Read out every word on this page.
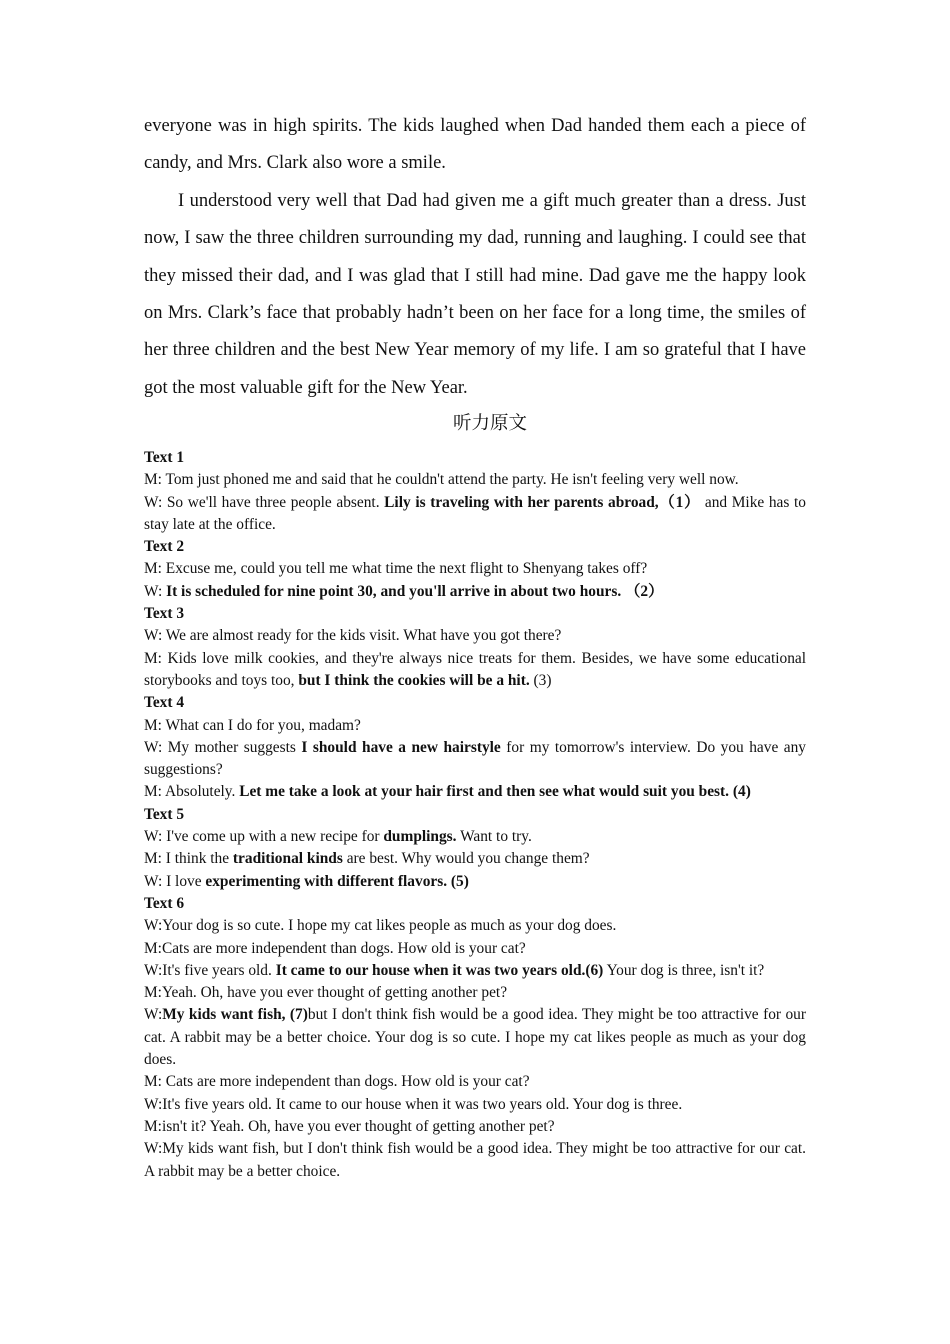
everyone was in high spirits. The kids laughed when Dad handed them each a piece of candy, and Mrs. Clark also wore a smile.

I understood very well that Dad had given me a gift much greater than a dress. Just now, I saw the three children surrounding my dad, running and laughing. I could see that they missed their dad, and I was glad that I still had mine. Dad gave me the happy look on Mrs. Clark’s face that probably hadn’t been on her face for a long time, the smiles of her three children and the best New Year memory of my life. I am so grateful that I have got the most valuable gift for the New Year.

听力原文

Text 1

M: Tom just phoned me and said that he couldn't attend the party. He isn't feeling very well now.

W: So we'll have three people absent. Lily is traveling with her parents abroad,（1） and Mike has to stay late at the office.

Text 2

M: Excuse me, could you tell me what time the next flight to Shenyang takes off?

W: It is scheduled for nine point 30, and you'll arrive in about two hours. （2）

Text 3

W: We are almost ready for the kids visit. What have you got there?

M: Kids love milk cookies, and they're always nice treats for them. Besides, we have some educational storybooks and toys too, but I think the cookies will be a hit. (3)

Text 4

M: What can I do for you, madam?

W: My mother suggests I should have a new hairstyle for my tomorrow's interview. Do you have any suggestions?

M: Absolutely. Let me take a look at your hair first and then see what would suit you best. (4)

Text 5

W: I've come up with a new recipe for dumplings. Want to try.

M: I think the traditional kinds are best. Why would you change them?

W: I love experimenting with different flavors. (5)

Text 6

W:Your dog is so cute. I hope my cat likes people as much as your dog does.

M:Cats are more independent than dogs. How old is your cat?

W:It's five years old. It came to our house when it was two years old.(6) Your dog is three, isn't it?

M:Yeah. Oh, have you ever thought of getting another pet?

W:My kids want fish, (7)but I don't think fish would be a good idea. They might be too attractive for our cat. A rabbit may be a better choice. Your dog is so cute. I hope my cat likes people as much as your dog does.

M: Cats are more independent than dogs. How old is your cat?

W:It's five years old. It came to our house when it was two years old. Your dog is three.

M:isn't it? Yeah. Oh, have you ever thought of getting another pet?

W:My kids want fish, but I don't think fish would be a good idea. They might be too attractive for our cat. A rabbit may be a better choice.
